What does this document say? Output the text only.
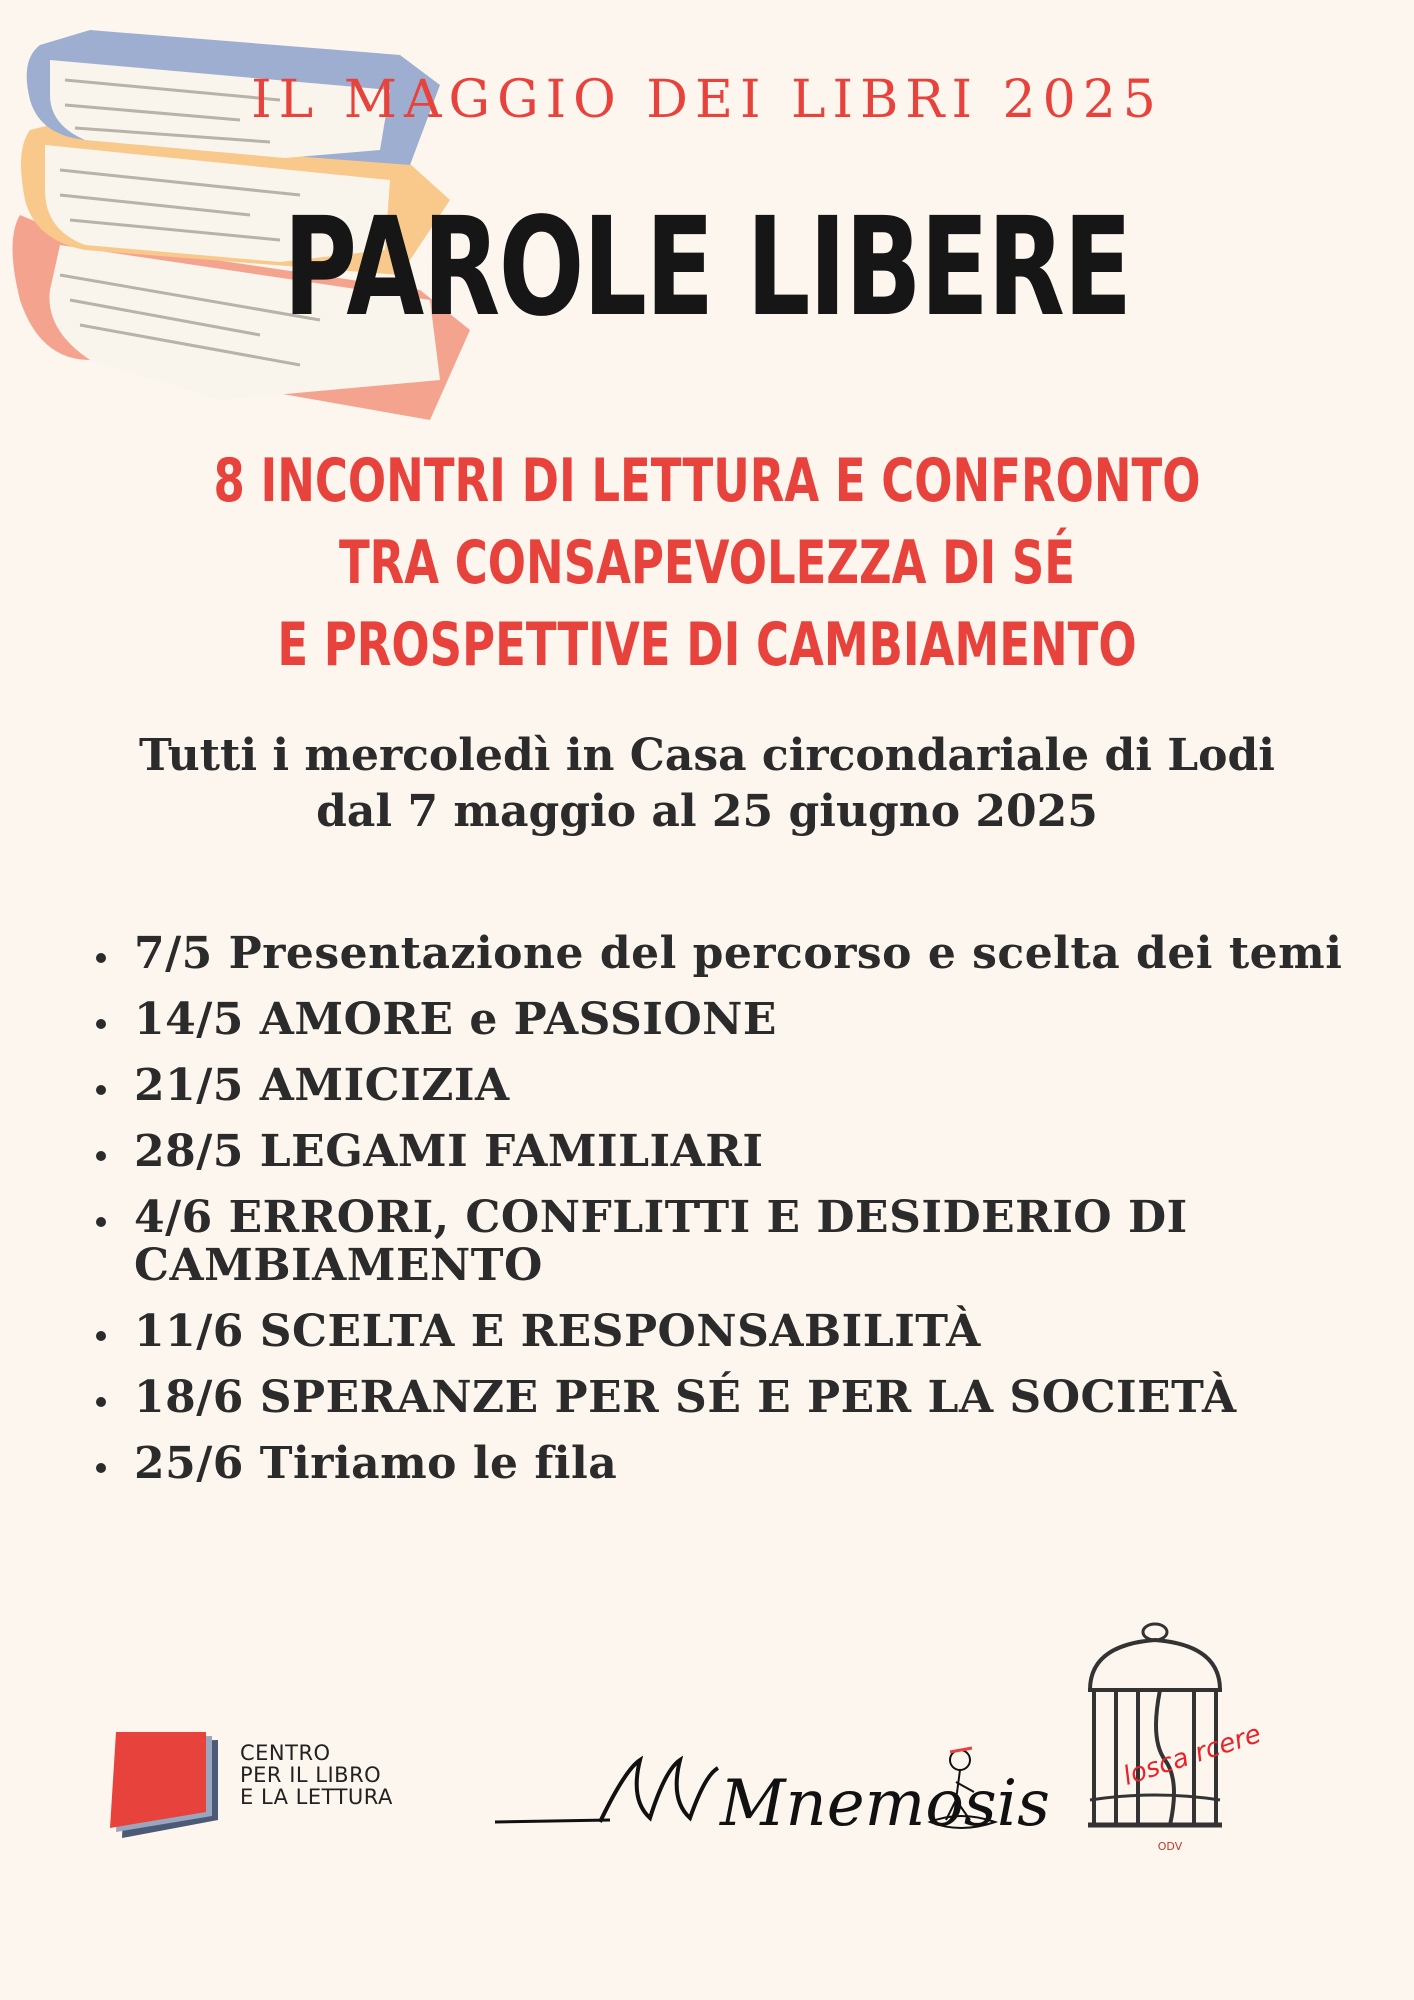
IL MAGGIO DEI LIBRI 2025
PAROLE LIBERE
8 INCONTRI DI LETTURA E CONFRONTO
TRA CONSAPEVOLEZZA DI SÉ
E PROSPETTIVE DI CAMBIAMENTO
Tutti i mercoledì in Casa circondariale di Lodi
dal 7 maggio al 25 giugno 2025
7/5 Presentazione del percorso e scelta dei temi
14/5 AMORE e PASSIONE
21/5 AMICIZIA
28/5 LEGAMI FAMILIARI
4/6 ERRORI, CONFLITTI E DESIDERIO DI CAMBIAMENTO
11/6 SCELTA E RESPONSABILITÀ
18/6 SPERANZE PER SÉ E PER LA SOCIETÀ
25/6 Tiriamo le fila
CENTRO
PER IL LIBRO
E LA LETTURA	Mnemosis
losca rcere
ODV
